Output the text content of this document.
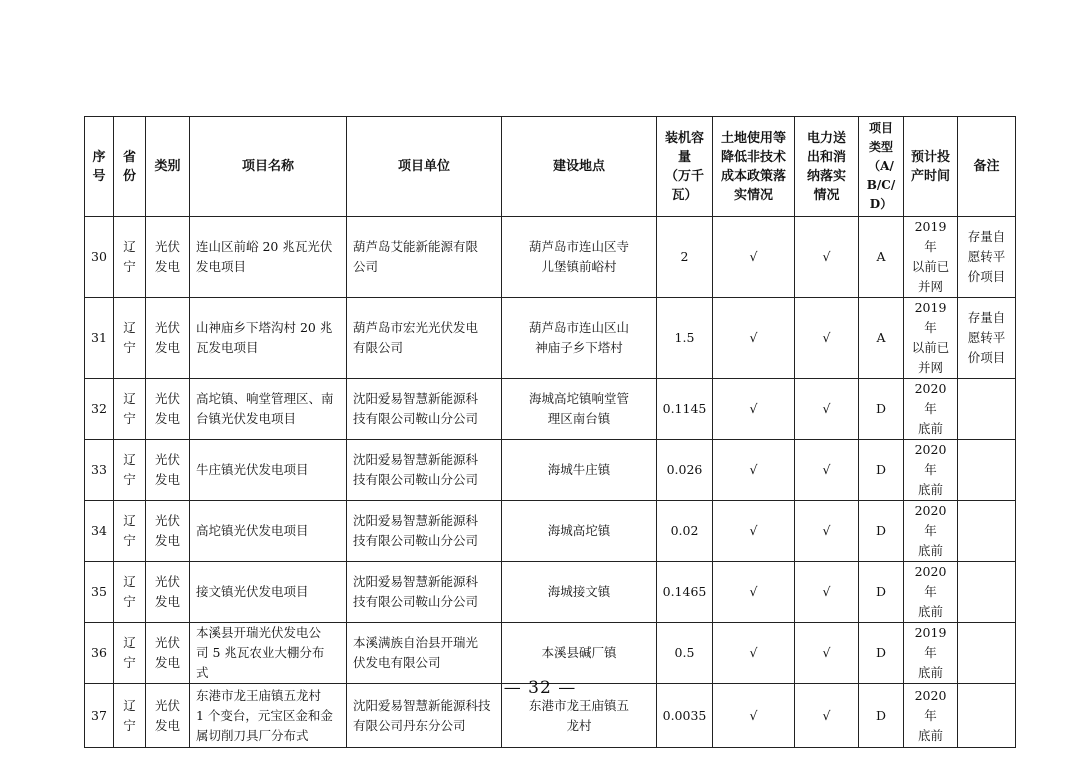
序
号	省
份	类别	项目名称	项目单位	建设地点	装机容
量
（万千
瓦）	土地使用等
降低非技术
成本政策落
实情况	电力送
出和消
纳落实
情况	项目
类型
（A/
B/C/
D）	预计投
产时间	备注
30	辽
宁	光伏
发电	连山区前峪 20 兆瓦光伏
发电项目	葫芦岛艾能新能源有限
公司	葫芦岛市连山区寺
儿堡镇前峪村	2	√	√	A	2019 年
以前已
并网	存量自
愿转平
价项目
31	辽
宁	光伏
发电	山神庙乡下塔沟村 20 兆
瓦发电项目	葫芦岛市宏光光伏发电
有限公司	葫芦岛市连山区山
神庙子乡下塔村	1.5	√	√	A	2019 年
以前已
并网	存量自
愿转平
价项目
32	辽
宁	光伏
发电	高坨镇、响堂管理区、南
台镇光伏发电项目	沈阳爱易智慧新能源科
技有限公司鞍山分公司	海城高坨镇响堂管
理区南台镇	0.1145	√	√	D	2020 年
底前	
33	辽
宁	光伏
发电	牛庄镇光伏发电项目	沈阳爱易智慧新能源科
技有限公司鞍山分公司	海城牛庄镇	0.026	√	√	D	2020 年
底前	
34	辽
宁	光伏
发电	高坨镇光伏发电项目	沈阳爱易智慧新能源科
技有限公司鞍山分公司	海城高坨镇	0.02	√	√	D	2020 年
底前	
35	辽
宁	光伏
发电	接文镇光伏发电项目	沈阳爱易智慧新能源科
技有限公司鞍山分公司	海城接文镇	0.1465	√	√	D	2020 年
底前	
36	辽
宁	光伏
发电	本溪县开瑞光伏发电公
司 5 兆瓦农业大棚分布
式	本溪满族自治县开瑞光
伏发电有限公司	本溪县碱厂镇	0.5	√	√	D	2019 年
底前	
37	辽
宁	光伏
发电	东港市龙王庙镇五龙村
1 个变台，元宝区金和金
属切削刀具厂分布式	沈阳爱易智慧新能源科技
有限公司丹东分公司	东港市龙王庙镇五
龙村	0.0035	√	√	D	2020 年
底前	
— 32 —
